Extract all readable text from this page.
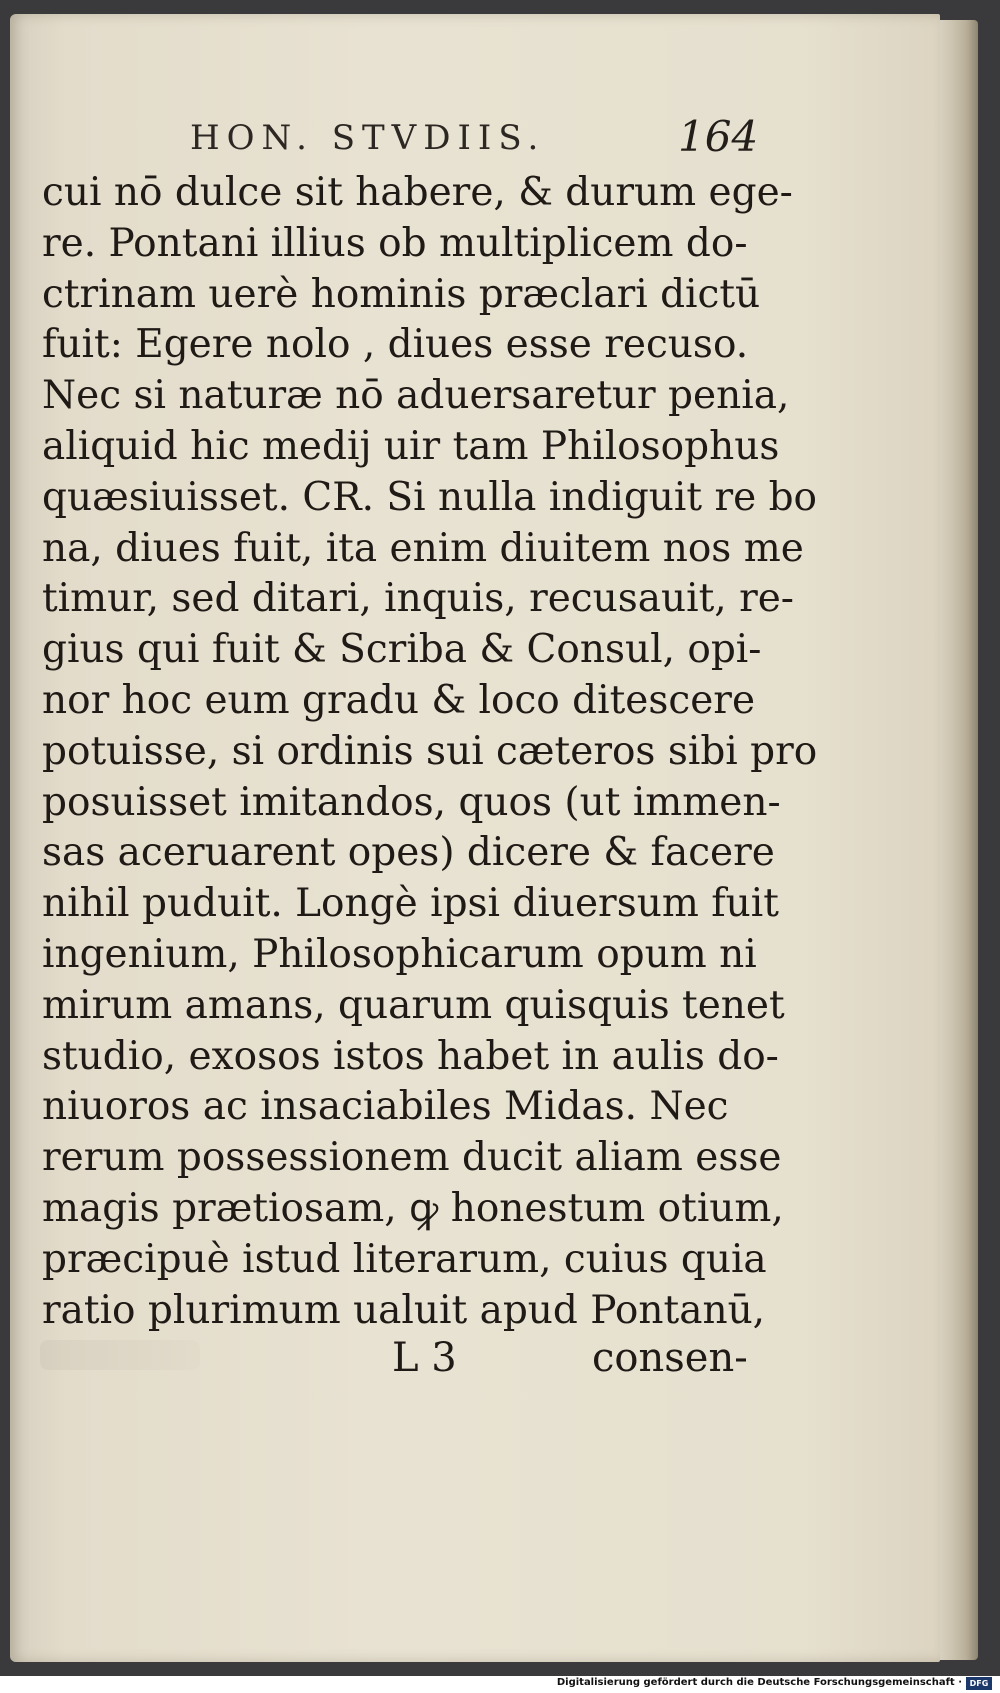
HON. STVDIIS.	164
cui nō dulce sit habere, & durum ege-
re. Pontani illius ob multiplicem do-
ctrinam uerè hominis præclari dictū
fuit: Egere nolo , diues esse recuso.
Nec si naturæ nō aduersaretur penia,
aliquid hic medij uir tam Philosophus
quæsiuisset. CR. Si nulla indiguit re bo
na, diues fuit, ita enim diuitem nos me
timur, sed ditari, inquis, recusauit, re-
gius qui fuit & Scriba & Consul, opi-
nor hoc eum gradu & loco ditescere
potuisse, si ordinis sui cæteros sibi pro
posuisset imitandos, quos (ut immen-
sas aceruarent opes) dicere & facere
nihil puduit. Longè ipsi diuersum fuit
ingenium, Philosophicarum opum ni
mirum amans, quarum quisquis tenet
studio, exosos istos habet in aulis do-
niuoros ac insaciabiles Midas. Nec
rerum possessionem ducit aliam esse
magis prætiosam, ꝙ honestum otium,
præcipuè istud literarum, cuius quia
ratio plurimum ualuit apud Pontanū,
L 3	consen-
Digitalisierung gefördert durch die Deutsche Forschungsgemeinschaft · DFG
